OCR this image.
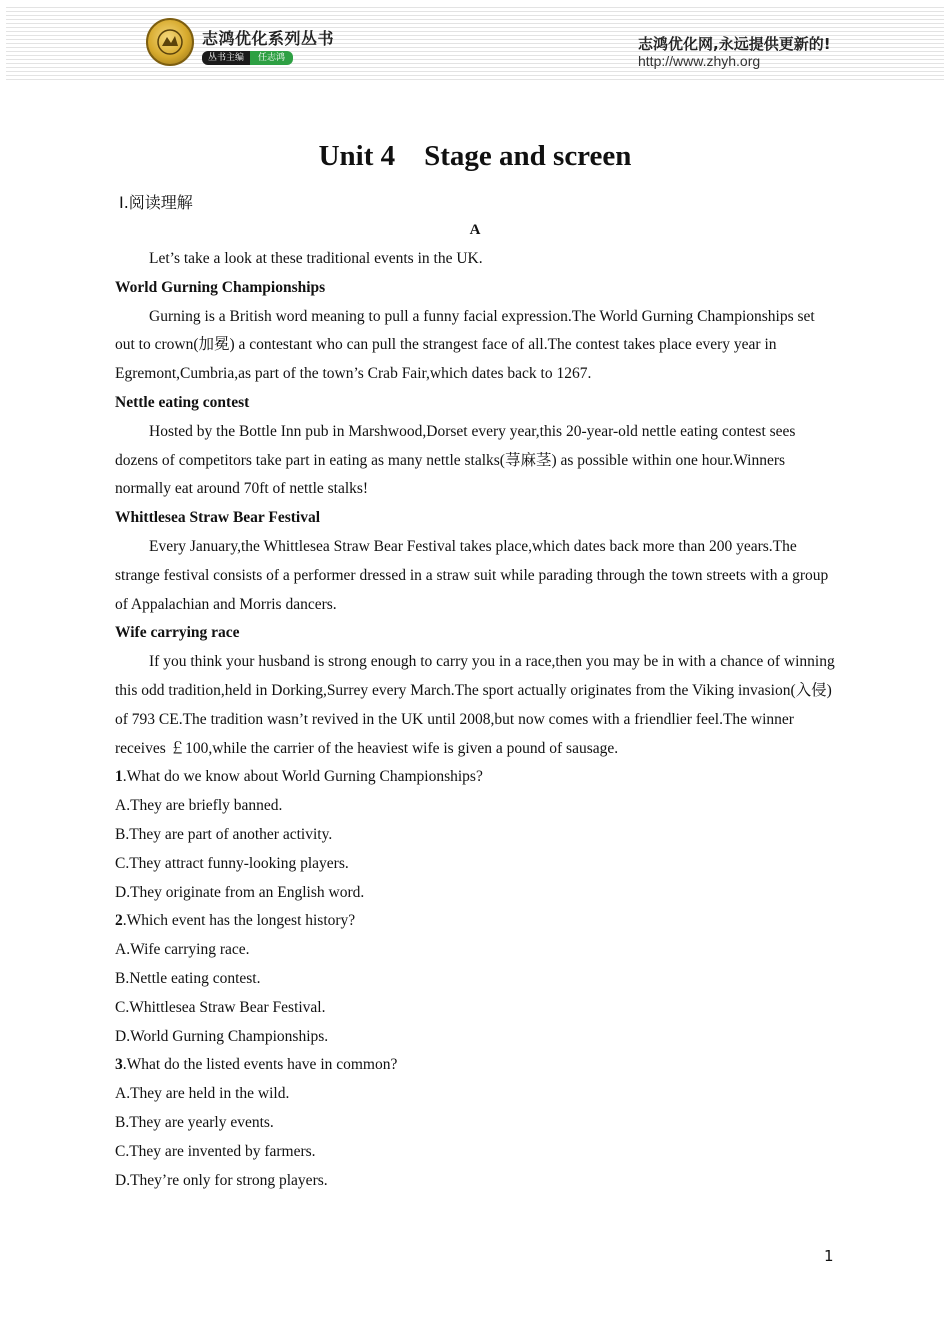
志鸿优化系列丛书
丛书主编	任志鸿
志鸿优化网,永远提供更新的!
http://www.zhyh.org
Unit 4    Stage and screen
Ⅰ.阅读理解
A

Let’s take a look at these traditional events in the UK.

World Gurning Championships

Gurning is a British word meaning to pull a funny facial expression.The World Gurning Championships set out to crown(加冕) a contestant who can pull the strangest face of all.The contest takes place every year in Egremont,Cumbria,as part of the town’s Crab Fair,which dates back to 1267.

Nettle eating contest

Hosted by the Bottle Inn pub in Marshwood,Dorset every year,this 20-year-old nettle eating contest sees dozens of competitors take part in eating as many nettle stalks(荨麻茎) as possible within one hour.Winners normally eat around 70ft of nettle stalks!

Whittlesea Straw Bear Festival

Every January,the Whittlesea Straw Bear Festival takes place,which dates back more than 200 years.The strange festival consists of a performer dressed in a straw suit while parading through the town streets with a group of Appalachian and Morris dancers.

Wife carrying race

If you think your husband is strong enough to carry you in a race,then you may be in with a chance of winning this odd tradition,held in Dorking,Surrey every March.The sport actually originates from the Viking invasion(入侵) of 793 CE.The tradition wasn’t revived in the UK until 2008,but now comes with a friendlier feel.The winner receives ￡100,while the carrier of the heaviest wife is given a pound of sausage.

1.What do we know about World Gurning Championships?

A.They are briefly banned.

B.They are part of another activity.

C.They attract funny-looking players.

D.They originate from an English word.

2.Which event has the longest history?

A.Wife carrying race.

B.Nettle eating contest.

C.Whittlesea Straw Bear Festival.

D.World Gurning Championships.

3.What do the listed events have in common?

A.They are held in the wild.

B.They are yearly events.

C.They are invented by farmers.

D.They’re only for strong players.

1
